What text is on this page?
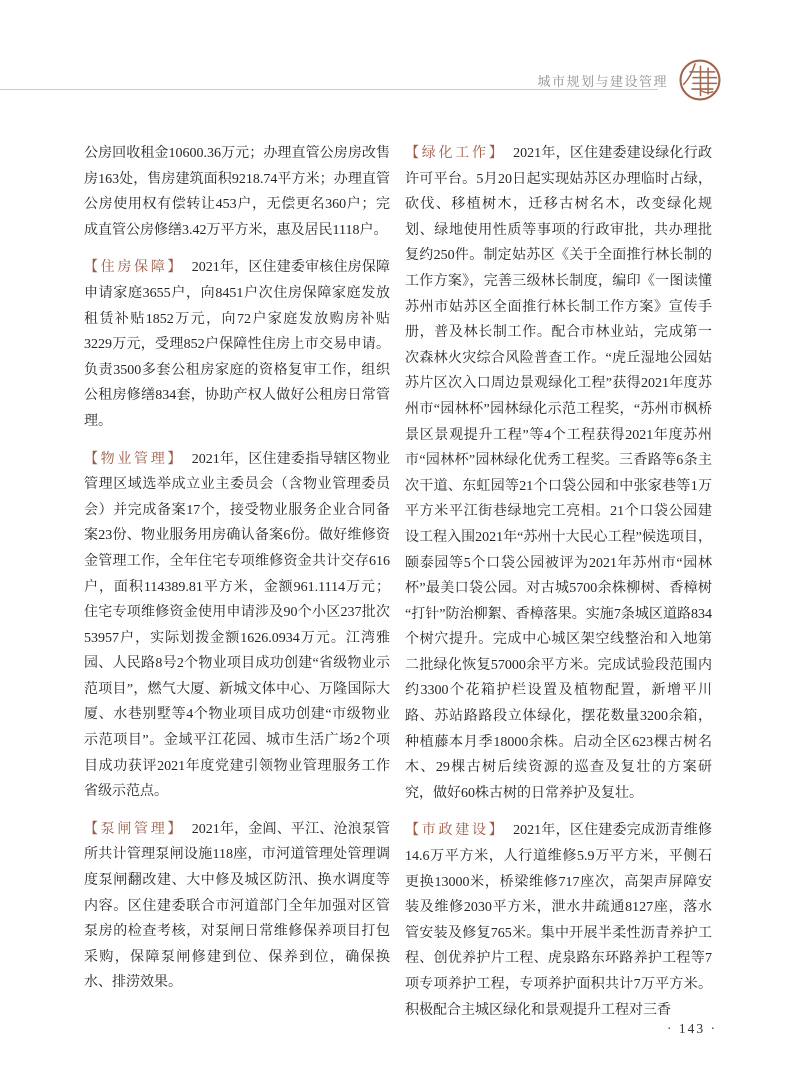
城市规划与建设管理

公房回收租金10600.36万元；办理直管公房房改售房163处，售房建筑面积9218.74平方米；办理直管公房使用权有偿转让453户，无偿更名360户；完成直管公房修缮3.42万平方米，惠及居民1118户。

【住房保障】 2021年，区住建委审核住房保障申请家庭3655户，向8451户次住房保障家庭发放租赁补贴1852万元，向72户家庭发放购房补贴3229万元，受理852户保障性住房上市交易申请。负责3500多套公租房家庭的资格复审工作，组织公租房修缮834套，协助产权人做好公租房日常管理。

【物业管理】 2021年，区住建委指导辖区物业管理区域选举成立业主委员会（含物业管理委员会）并完成备案17个，接受物业服务企业合同备案23份、物业服务用房确认备案6份。做好维修资金管理工作，全年住宅专项维修资金共计交存616户，面积114389.81平方米，金额961.1114万元；住宅专项维修资金使用申请涉及90个小区237批次53957户，实际划拨金额1626.0934万元。江湾雅园、人民路8号2个物业项目成功创建“省级物业示范项目”，燃气大厦、新城文体中心、万隆国际大厦、水巷别墅等4个物业项目成功创建“市级物业示范项目”。金域平江花园、城市生活广场2个项目成功获评2021年度党建引领物业管理服务工作省级示范点。

【泵闸管理】 2021年，金阊、平江、沧浪泵管所共计管理泵闸设施118座，市河道管理处管理调度泵闸翻改建、大中修及城区防汛、换水调度等内容。区住建委联合市河道部门全年加强对区管泵房的检查考核，对泵闸日常维修保养项目打包采购，保障泵闸修建到位、保养到位，确保换水、排涝效果。

【绿化工作】 2021年，区住建委建设绿化行政许可平台。5月20日起实现姑苏区办理临时占绿，砍伐、移植树木，迁移古树名木，改变绿化规划、绿地使用性质等事项的行政审批，共办理批复约250件。制定姑苏区《关于全面推行林长制的工作方案》，完善三级林长制度，编印《一图读懂苏州市姑苏区全面推行林长制工作方案》宣传手册，普及林长制工作。配合市林业站，完成第一次森林火灾综合风险普查工作。“虎丘湿地公园姑苏片区次入口周边景观绿化工程”获得2021年度苏州市“园林杯”园林绿化示范工程奖，“苏州市枫桥景区景观提升工程”等4个工程获得2021年度苏州市“园林杯”园林绿化优秀工程奖。三香路等6条主次干道、东虹园等21个口袋公园和中张家巷等1万平方米平江街巷绿地完工亮相。21个口袋公园建设工程入围2021年“苏州十大民心工程”候选项目，颐泰园等5个口袋公园被评为2021年苏州市“园林杯”最美口袋公园。对古城5700余株柳树、香樟树“打针”防治柳絮、香樟落果。实施7条城区道路834个树穴提升。完成中心城区架空线整治和入地第二批绿化恢复57000余平方米。完成试验段范围内约3300个花箱护栏设置及植物配置，新增平川路、苏站路路段立体绿化，摆花数量3200余箱，种植藤本月季18000余株。启动全区623棵古树名木、29棵古树后续资源的巡查及复壮的方案研究，做好60株古树的日常养护及复壮。

【市政建设】 2021年，区住建委完成沥青维修14.6万平方米，人行道维修5.9万平方米，平侧石更换13000米，桥梁维修717座次，高架声屏障安装及维修2030平方米，泄水井疏通8127座，落水管安装及修复765米。集中开展半柔性沥青养护工程、创优养护片工程、虎泉路东环路养护工程等7项专项养护工程，专项养护面积共计7万平方米。积极配合主城区绿化和景观提升工程对三香

· 143 ·
